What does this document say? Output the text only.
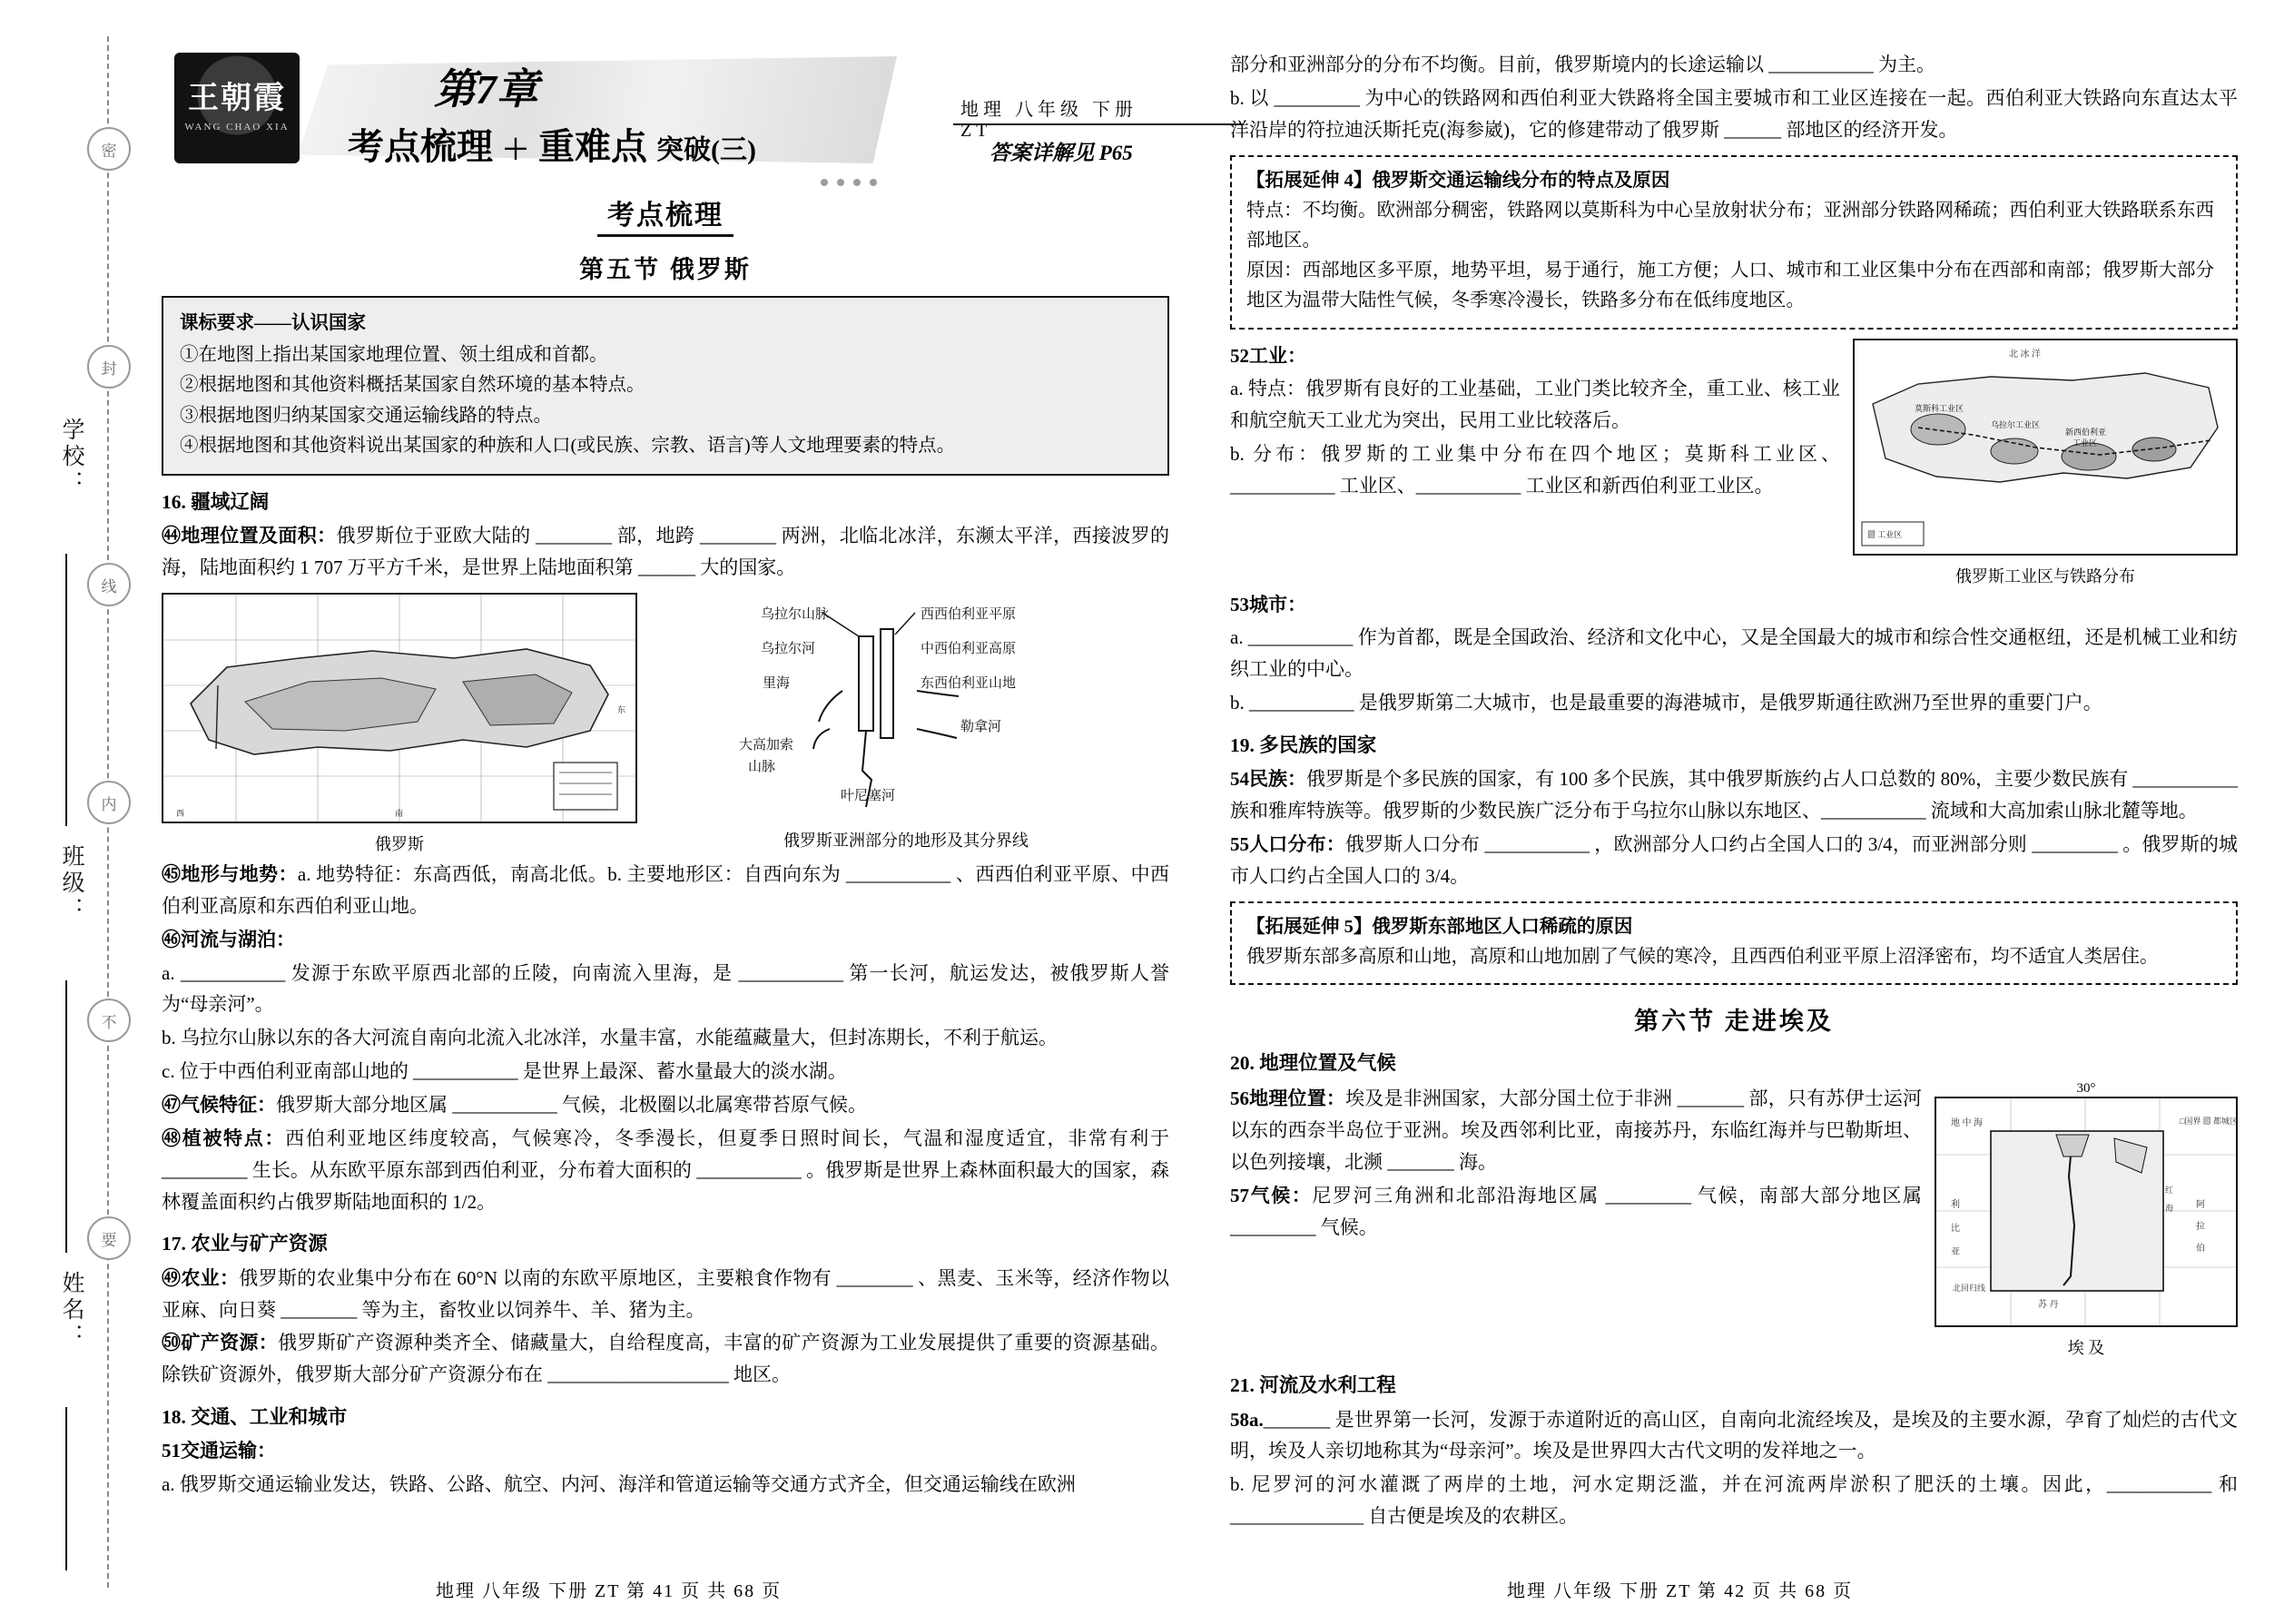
密
封
线
内
不
要
学校：
班级：
姓名：
王朝霞
WANG CHAO XIA
第7章
考点梳理 ＋ 重难点 突破(三)
地理 八年级 下册 ZT
答案详解见 P65
考点梳理
第五节 俄罗斯
课标要求——认识国家
①在地图上指出某国家地理位置、领土组成和首都。
②根据地图和其他资料概括某国家自然环境的基本特点。
③根据地图归纳某国家交通运输线路的特点。
④根据地图和其他资料说出某国家的种族和人口(或民族、宗教、语言)等人文地理要素的特点。
16. 疆域辽阔

㊹地理位置及面积：俄罗斯位于亚欧大陆的 ________ 部，地跨 ________ 两洲，北临北冰洋，东濒太平洋，西接波罗的海，陆地面积约 1 707 万平方千米，是世界上陆地面积第 ______ 大的国家。

西	南
东
俄罗斯
乌拉尔山脉
乌拉尔河
里海
大高加索
山脉
叶尼塞河
西西伯利亚平原
中西伯利亚高原
东西伯利亚山地
勒拿河
俄罗斯亚洲部分的地形及其分界线

㊺地形与地势：a. 地势特征：东高西低，南高北低。b. 主要地形区：自西向东为 ___________ 、西西伯利亚平原、中西伯利亚高原和东西伯利亚山地。

㊻河流与湖泊：

a. ___________ 发源于东欧平原西北部的丘陵，向南流入里海，是 ___________ 第一长河，航运发达，被俄罗斯人誉为“母亲河”。

b. 乌拉尔山脉以东的各大河流自南向北流入北冰洋，水量丰富，水能蕴藏量大，但封冻期长，不利于航运。

c. 位于中西伯利亚南部山地的 ___________ 是世界上最深、蓄水量最大的淡水湖。

㊼气候特征：俄罗斯大部分地区属 ___________ 气候，北极圈以北属寒带苔原气候。

㊽植被特点：西伯利亚地区纬度较高，气候寒冷，冬季漫长，但夏季日照时间长，气温和湿度适宜，非常有利于 _________ 生长。从东欧平原东部到西伯利亚，分布着大面积的 ___________ 。俄罗斯是世界上森林面积最大的国家，森林覆盖面积约占俄罗斯陆地面积的 1/2。

17. 农业与矿产资源

㊾农业：俄罗斯的农业集中分布在 60°N 以南的东欧平原地区，主要粮食作物有 ________ 、黑麦、玉米等，经济作物以亚麻、向日葵 ________ 等为主，畜牧业以饲养牛、羊、猪为主。

㊿矿产资源：俄罗斯矿产资源种类齐全、储藏量大，自给程度高，丰富的矿产资源为工业发展提供了重要的资源基础。除铁矿资源外，俄罗斯大部分矿产资源分布在 ___________________ 地区。

18. 交通、工业和城市

51交通运输：

a. 俄罗斯交通运输业发达，铁路、公路、航空、内河、海洋和管道运输等交通方式齐全，但交通运输线在欧洲

部分和亚洲部分的分布不均衡。目前，俄罗斯境内的长途运输以 ___________ 为主。

b. 以 _________ 为中心的铁路网和西伯利亚大铁路将全国主要城市和工业区连接在一起。西伯利亚大铁路向东直达太平洋沿岸的符拉迪沃斯托克(海参崴)，它的修建带动了俄罗斯 ______ 部地区的经济开发。

【拓展延伸 4】俄罗斯交通运输线分布的特点及原因
特点：不均衡。欧洲部分稠密，铁路网以莫斯科为中心呈放射状分布；亚洲部分铁路网稀疏；西伯利亚大铁路联系东西部地区。
原因：西部地区多平原，地势平坦，易于通行，施工方便；人口、城市和工业区集中分布在西部和南部；俄罗斯大部分地区为温带大陆性气候，冬季寒冷漫长，铁路多分布在低纬度地区。

52工业：

a. 特点：俄罗斯有良好的工业基础，工业门类比较齐全，重工业、核工业和航空航天工业尤为突出，民用工业比较落后。

b. 分布：俄罗斯的工业集中分布在四个地区；莫斯科工业区、___________ 工业区、___________ 工业区和新西伯利亚工业区。

北 冰 洋
莫斯科工业区
乌拉尔工业区
新西伯利亚
工业区
▨ 工业区
俄罗斯工业区与铁路分布

53城市：

a. ___________ 作为首都，既是全国政治、经济和文化中心，又是全国最大的城市和综合性交通枢纽，还是机械工业和纺织工业的中心。

b. ___________ 是俄罗斯第二大城市，也是最重要的海港城市，是俄罗斯通往欧洲乃至世界的重要门户。

19. 多民族的国家

54民族：俄罗斯是个多民族的国家，有 100 多个民族，其中俄罗斯族约占人口总数的 80%，主要少数民族有 ___________ 族和雅库特族等。俄罗斯的少数民族广泛分布于乌拉尔山脉以东地区、___________ 流域和大高加索山脉北麓等地。

55人口分布：俄罗斯人口分布 ___________ ，欧洲部分人口约占全国人口的 3/4，而亚洲部分则 _________ 。俄罗斯的城市人口约占全国人口的 3/4。

【拓展延伸 5】俄罗斯东部地区人口稀疏的原因
俄罗斯东部多高原和山地，高原和山地加剧了气候的寒冷，且西西伯利亚平原上沼泽密布，均不适宜人类居住。
第六节 走进埃及
20. 地理位置及气候

56地理位置：埃及是非洲国家，大部分国土位于非洲 _______ 部，只有苏伊士运河以东的西奈半岛位于亚洲。埃及西邻利比亚，南接苏丹，东临红海并与巴勒斯坦、以色列接壤，北濒 _______ 海。

57气候：尼罗河三角洲和北部沿海地区属 _________ 气候，南部大部分地区属 _________ 气候。

30°
地 中 海	□国界 ▨ 都城区
利
比
亚
阿
拉
伯
红
海
苏 丹
北回归线
埃 及
21. 河流及水利工程

58a._______ 是世界第一长河，发源于赤道附近的高山区，自南向北流经埃及，是埃及的主要水源，孕育了灿烂的古代文明，埃及人亲切地称其为“母亲河”。埃及是世界四大古代文明的发祥地之一。

b. 尼罗河的河水灌溉了两岸的土地，河水定期泛滥，并在河流两岸淤积了肥沃的土壤。因此，___________ 和 ______________ 自古便是埃及的农耕区。

地理 八年级 下册 ZT 第 41 页 共 68 页	地理 八年级 下册 ZT 第 42 页 共 68 页
